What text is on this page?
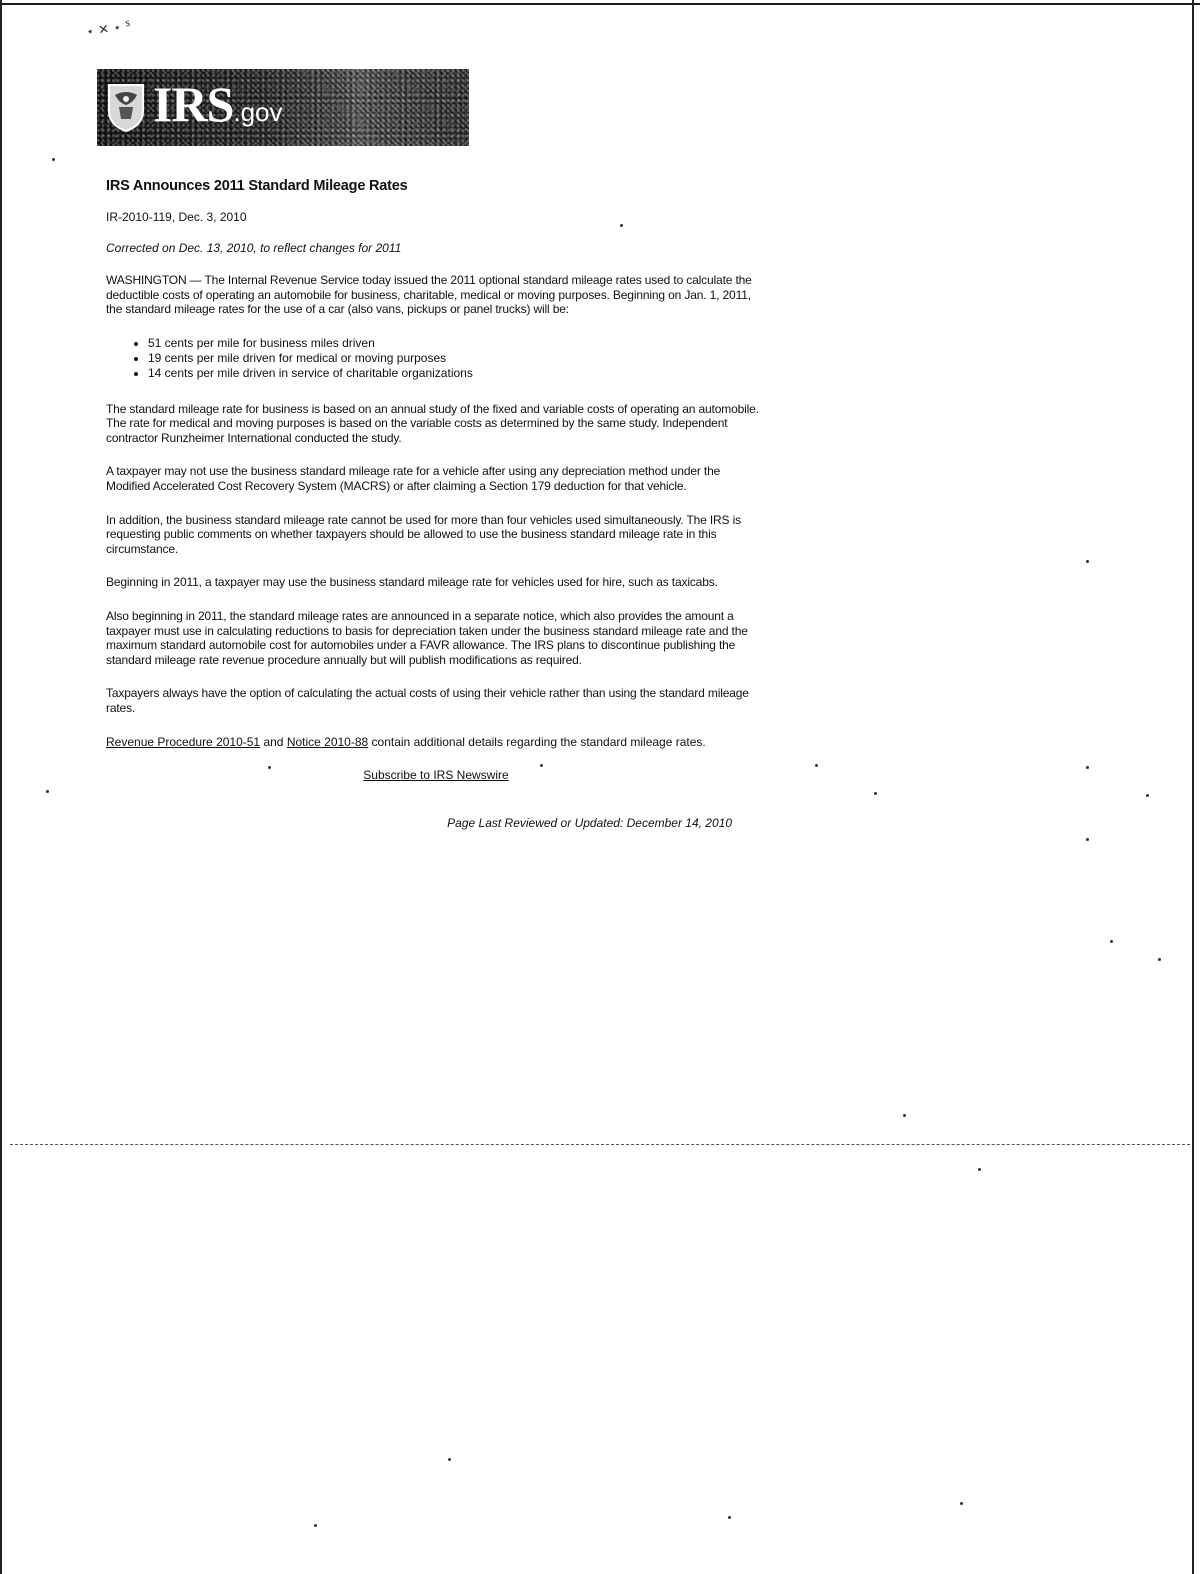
⋆ ✕ ⋆ ᔆ
IRS.gov
IRS Announces 2011 Standard Mileage Rates
IR-2010-119, Dec. 3, 2010
Corrected on Dec. 13, 2010, to reflect changes for 2011

WASHINGTON — The Internal Revenue Service today issued the 2011 optional standard mileage rates used to calculate the deductible costs of operating an automobile for business, charitable, medical or moving purposes. Beginning on Jan. 1, 2011, the standard mileage rates for the use of a car (also vans, pickups or panel trucks) will be:

• 51 cents per mile for business miles driven
• 19 cents per mile driven for medical or moving purposes
• 14 cents per mile driven in service of charitable organizations

The standard mileage rate for business is based on an annual study of the fixed and variable costs of operating an automobile. The rate for medical and moving purposes is based on the variable costs as determined by the same study. Independent contractor Runzheimer International conducted the study.

A taxpayer may not use the business standard mileage rate for a vehicle after using any depreciation method under the Modified Accelerated Cost Recovery System (MACRS) or after claiming a Section 179 deduction for that vehicle.

In addition, the business standard mileage rate cannot be used for more than four vehicles used simultaneously. The IRS is requesting public comments on whether taxpayers should be allowed to use the business standard mileage rate in this circumstance.

Beginning in 2011, a taxpayer may use the business standard mileage rate for vehicles used for hire, such as taxicabs.

Also beginning in 2011, the standard mileage rates are announced in a separate notice, which also provides the amount a taxpayer must use in calculating reductions to basis for depreciation taken under the business standard mileage rate and the maximum standard automobile cost for automobiles under a FAVR allowance. The IRS plans to discontinue publishing the standard mileage rate revenue procedure annually but will publish modifications as required.

Taxpayers always have the option of calculating the actual costs of using their vehicle rather than using the standard mileage rates.

Revenue Procedure 2010-51 and Notice 2010-88 contain additional details regarding the standard mileage rates.
Subscribe to IRS Newswire
Page Last Reviewed or Updated: December 14, 2010
